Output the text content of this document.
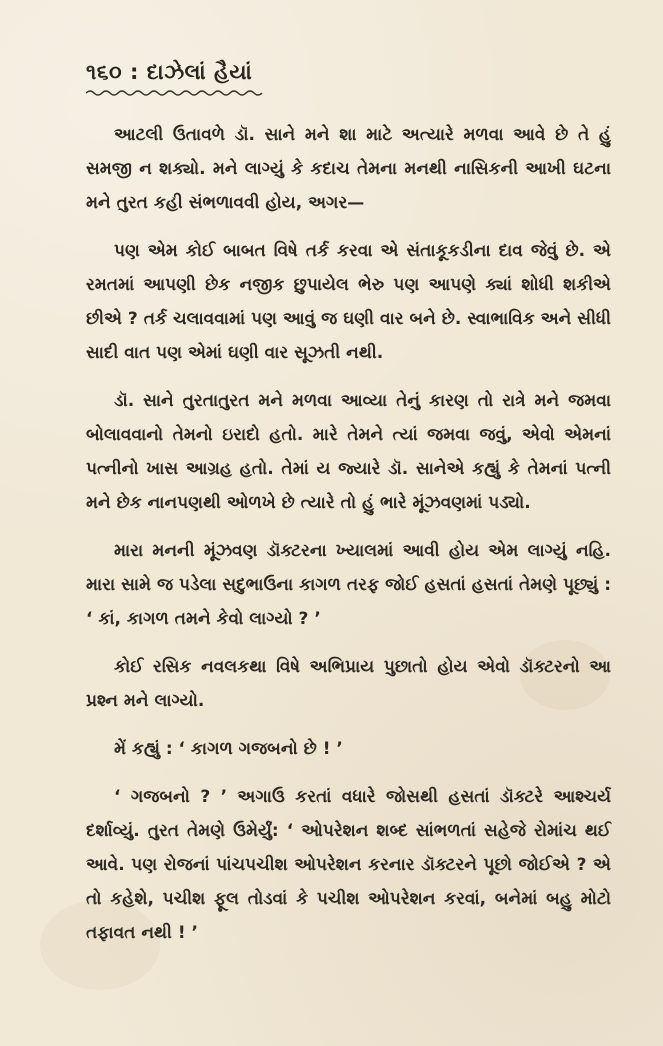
૧૬૦ : દાઝેલાં હૈયાં

આટલી ઉતાવળે ડૉ. સાને મને શા માટે અત્યારે મળવા આવે છે તે હું સમજી ન શક્યો. મને લાગ્યું કે કદાચ તેમના મનથી નાસિકની આખી ઘટના મને તુરત કહી સંભળાવવી હોય, અગર—

પણ એમ કોઈ બાબત વિષે તર્ક કરવા એ સંતાકૂકડીના દાવ જેવું છે. એ રમતમાં આપણી છેક નજીક છુપાયેલ ભેરુ પણ આપણે ક્યાં શોધી શકીએ છીએ ? તર્ક ચલાવવામાં પણ આવું જ ઘણી વાર બને છે. સ્વાભાવિક અને સીધી સાદી વાત પણ એમાં ઘણી વાર સૂઝતી નથી.

ડૉ. સાને તુરતાતુરત મને મળવા આવ્યા તેનું કારણ તો રાત્રે મને જમવા બોલાવવાનો તેમનો ઇરાદો હતો. મારે તેમને ત્યાં જમવા જવું, એવો એમનાં પત્નીનો ખાસ આગ્રહ હતો. તેમાં ય જ્યારે ડૉ. સાનેએ કહ્યું કે તેમનાં પત્ની મને છેક નાનપણથી ઓળખે છે ત્યારે તો હું ભારે મૂંઝવણમાં પડ્યો.

મારા મનની મૂંઝવણ ડૉક્ટરના ખ્યાલમાં આવી હોય એમ લાગ્યું નહિ. મારા સામે જ પડેલા સદુભાઉના કાગળ તરફ જોઈ હસતાં હસતાં તેમણે પૂછ્યું : ‘ કાં, કાગળ તમને કેવો લાગ્યો ? ’

કોઈ રસિક નવલકથા વિષે અભિપ્રાય પુછાતો હોય એવો ડૉક્ટરનો આ પ્રશ્ન મને લાગ્યો.

મેં કહ્યું : ‘ કાગળ ગજબનો છે ! ’

‘ ગજબનો ? ’ અગાઉ કરતાં વધારે જોસથી હસતાં ડૉક્ટરે આશ્ચર્ય દર્શાવ્યું. તુરત તેમણે ઉમેર્યું: ‘ ઓપરેશન શબ્દ સાંભળતાં સહેજે રોમાંચ થઈ આવે. પણ રોજનાં પાંચપચીશ ઓપરેશન કરનાર ડૉક્ટરને પૂછો જોઈએ ? એ તો કહેશે, પચીશ ફૂલ તોડવાં કે પચીશ ઓપરેશન કરવાં, બનેમાં બહુ મોટો તફાવત નથી ! ’
